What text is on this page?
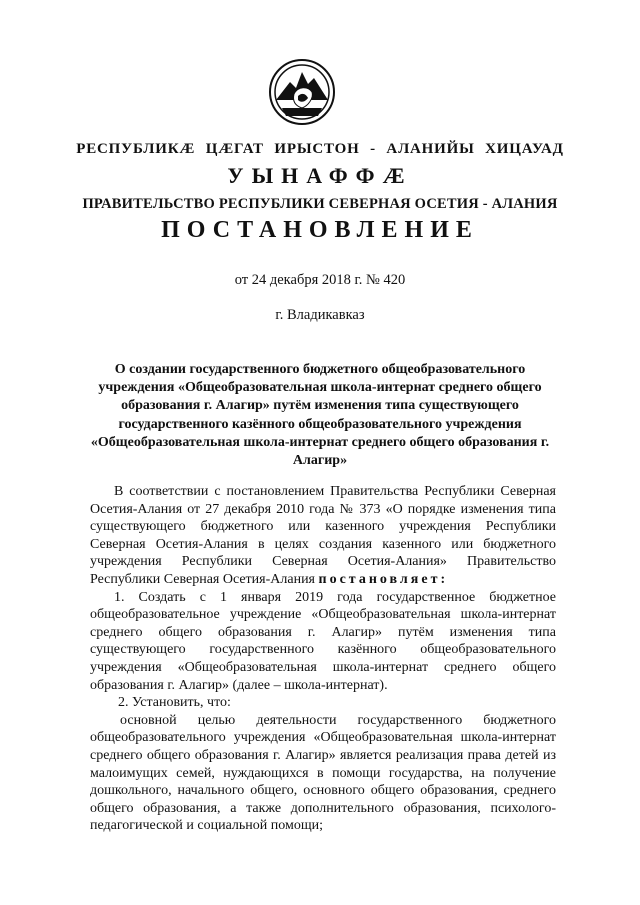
РЕСПУБЛИКӔ ЦӔГАТ ИРЫСТОН - АЛАНИЙЫ ХИЦАУАД
УЫНАФФӔ
ПРАВИТЕЛЬСТВО РЕСПУБЛИКИ СЕВЕРНАЯ ОСЕТИЯ - АЛАНИЯ
ПОСТАНОВЛЕНИЕ
от 24 декабря 2018 г. № 420
г. Владикавказ
О создании государственного бюджетного общеобразовательного учреждения «Общеобразовательная школа-интернат среднего общего образования г. Алагир» путём изменения типа существующего государственного казённого общеобразовательного учреждения «Общеобразовательная школа-интернат среднего общего образования г. Алагир»

В соответствии с постановлением Правительства Республики Северная Осетия-Алания от 27 декабря 2010 года № 373 «О порядке изменения типа существующего бюджетного или казенного учреждения Республики Северная Осетия-Алания в целях создания казенного или бюджетного учреждения Республики Северная Осетия-Алания» Правительство Республики Северная Осетия-Алания постановляет:

1. Создать с 1 января 2019 года государственное бюджетное общеобразовательное учреждение «Общеобразовательная школа-интернат среднего общего образования г. Алагир» путём изменения типа существующего государственного казённого общеобразовательного учреждения «Общеобразовательная школа-интернат среднего общего образования г. Алагир» (далее – школа-интернат).

2. Установить, что:

основной целью деятельности государственного бюджетного общеобразовательного учреждения «Общеобразовательная школа-интернат среднего общего образования г. Алагир» является реализация права детей из малоимущих семей, нуждающихся в помощи государства, на получение дошкольного, начального общего, основного общего образования, среднего общего образования, а также дополнительного образования, психолого-педагогической и социальной помощи;
